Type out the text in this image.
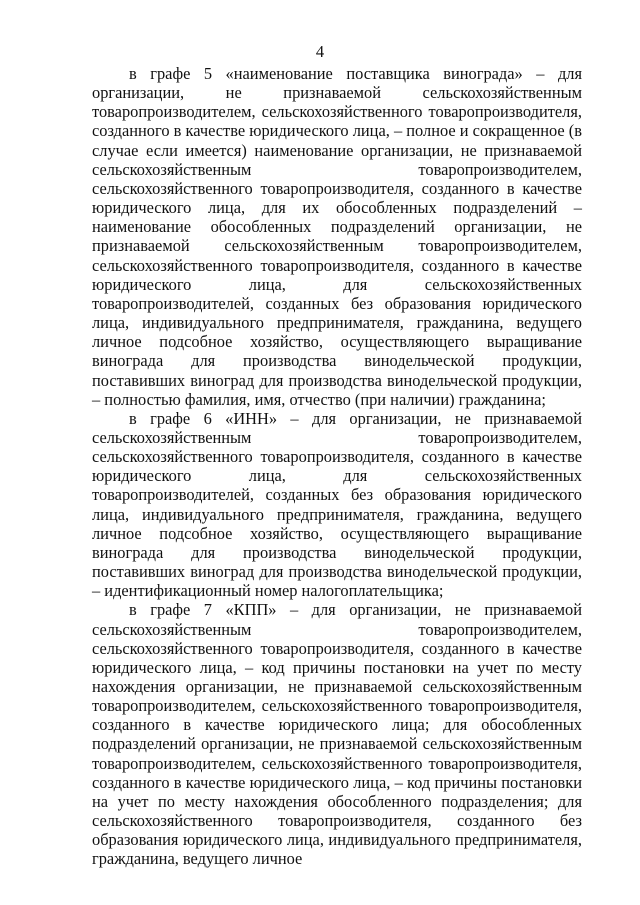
4

в графе 5 «наименование поставщика винограда» – для организации, не признаваемой сельскохозяйственным товаропроизводителем, сельскохозяйственного товаропроизводителя, созданного в качестве юридического лица, – полное и сокращенное (в случае если имеется) наименование организации, не признаваемой сельскохозяйственным товаропроизводителем, сельскохозяйственного товаропроизводителя, созданного в качестве юридического лица, для их обособленных подразделений – наименование обособленных подразделений организации, не признаваемой сельскохозяйственным товаропроизводителем, сельскохозяйственного товаропроизводителя, созданного в качестве юридического лица, для сельскохозяйственных товаропроизводителей, созданных без образования юридического лица, индивидуального предпринимателя, гражданина, ведущего личное подсобное хозяйство, осуществляющего выращивание винограда для производства винодельческой продукции, поставивших виноград для производства винодельческой продукции, – полностью фамилия, имя, отчество (при наличии) гражданина;

в графе 6 «ИНН» – для организации, не признаваемой сельскохозяйственным товаропроизводителем, сельскохозяйственного товаропроизводителя, созданного в качестве юридического лица, для сельскохозяйственных товаропроизводителей, созданных без образования юридического лица, индивидуального предпринимателя, гражданина, ведущего личное подсобное хозяйство, осуществляющего выращивание винограда для производства винодельческой продукции, поставивших виноград для производства винодельческой продукции, – идентификационный номер налогоплательщика;

в графе 7 «КПП» – для организации, не признаваемой сельскохозяйственным товаропроизводителем, сельскохозяйственного товаропроизводителя, созданного в качестве юридического лица, – код причины постановки на учет по месту нахождения организации, не признаваемой сельскохозяйственным товаропроизводителем, сельскохозяйственного товаропроизводителя, созданного в качестве юридического лица; для обособленных подразделений организации, не признаваемой сельскохозяйственным товаропроизводителем, сельскохозяйственного товаропроизводителя, созданного в качестве юридического лица, – код причины постановки на учет по месту нахождения обособленного подразделения; для сельскохозяйственного товаропроизводителя, созданного без образования юридического лица, индивидуального предпринимателя, гражданина, ведущего личное
